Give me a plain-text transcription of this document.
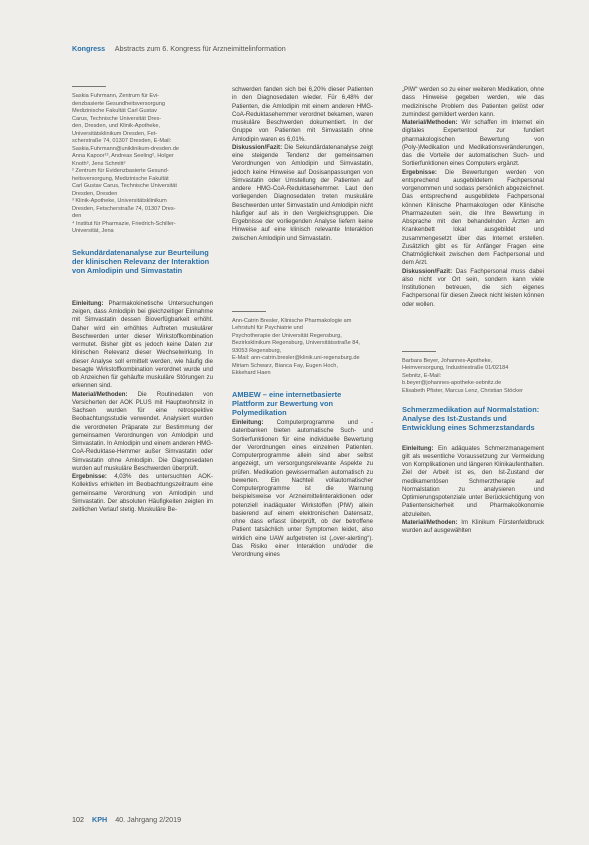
Kongress Abstracts zum 6. Kongress für Arzneimittelinformation
Saskia Fuhrmann, Zentrum für Evi-
denzbasierte Gesundheitsversorgung
Medizinische Fakultät Carl Gustav
Carus, Technische Universität Dres-
den, Dresden, und Klinik-Apotheke,
Universitätsklinikum Dresden, Fet-
scherstraße 74, 01307 Dresden, E-Mail:
Saskia.Fuhrmann@uniklinikum-dresden.de
Anna Kapoor¹³, Andreas Seeling², Holger
Knoth³, Jens Schmitt²
² Zentrum für Evidenzbasierte Gesund-
heitsversorgung, Medizinische Fakultät
Carl Gustav Carus, Technische Universität
Dresden, Dresden
³ Klinik-Apotheke, Universitätsklinikum
Dresden, Fetscherstraße 74, 01307 Dres-
den
⁴ Institut für Pharmazie, Friedrich-Schiller-
Universität, Jena
Sekundärdatenanalyse zur Beurteilung der klinischen Relevanz der Interaktion von Amlodipin und Simvastatin

Einleitung: Pharmakokinetische Untersuchungen zeigen, dass Amlodipin bei gleichzeitiger Einnahme mit Simvastatin dessen Bioverfügbarkeit erhöht. Daher wird ein erhöhtes Auftreten muskulärer Beschwerden unter dieser Wirkstoffkombination vermutet. Bisher gibt es jedoch keine Daten zur klinischen Relevanz dieser Wechselwirkung. In dieser Analyse soll ermittelt werden, wie häufig die besagte Wirkstoffkombination verordnet wurde und ob Anzeichen für gehäufte muskuläre Störungen zu erkennen sind.

Material/Methoden: Die Routinedaten von Versicherten der AOK PLUS mit Hauptwohnsitz in Sachsen wurden für eine retrospektive Beobachtungsstudie verwendet. Analysiert wurden die verordneten Präparate zur Bestimmung der gemeinsamen Verordnungen von Amlodipin und Simvastatin. In Amlodipin und einem anderen HMG-CoA-Reduktase-Hemmer außer Simvastatin oder Simvastatin ohne Amlodipin. Die Diagnosedaten wurden auf muskuläre Beschwerden überprüft.

Ergebnisse: 4,03% des untersuchten AOK-Kollektivs erhielten im Beobachtungszeitraum eine gemeinsame Verordnung von Amlodipin und Simvastatin. Der absoluten Häufigkeiten zeigten im zeitlichen Verlauf stetig. Muskuläre Be-

schwerden fanden sich bei 6,20% dieser Patienten in den Diagnosedaten wieder. Für 6,48% der Patienten, die Amlodipin mit einem anderen HMG-CoA-Reduktasehemmer verordnet bekamen, waren muskuläre Beschwerden dokumentiert. In der Gruppe von Patienten mit Simvastatin ohne Amlodipin waren es 6,01%.

Diskussion/Fazit: Die Sekundärdatenanalyse zeigt eine steigende Tendenz der gemeinsamen Verordnungen von Amlodipin und Simvastatin, jedoch keine Hinweise auf Dosisanpassungen von Simvastatin oder Umstellung der Patienten auf andere HMG-CoA-Reduktasehemmer. Laut den vorliegenden Diagnosedaten treten muskuläre Beschwerden unter Simvastatin und Amlodipin nicht häufiger auf als in den Vergleichsgruppen. Die Ergebnisse der vorliegenden Analyse liefern keine Hinweise auf eine klinisch relevante Interaktion zwischen Amlodipin und Simvastatin.

Ann-Catrin Bresler, Klinische Pharmakologie am Lehrstuhl für Psychiatrie und
Psychotherapie der Universität Regensburg,
Bezirksklinikum Regensburg, Universitätsstraße 84, 93053 Regensburg,
E-Mail: ann-catrin.bresler@klinik.uni-regensburg.de
Miriam Schwarz, Bianca Fay, Eugen Hoch,
Ekkehard Haen
AMBEW – eine internetbasierte Plattform zur Bewertung von Polymedikation

Einleitung: Computerprogramme und -datenbanken bieten automatische Such- und Sortierfunktionen für eine individuelle Bewertung der Verordnungen eines einzelnen Patienten. Computerprogramme allein sind aber selbst angezeigt, um versorgungsrelevante Aspekte zu prüfen. Medikation gewissermaßen automatisch zu bewerten. Ein Nachteil vollautomatischer Computerprogramme ist die Warnung beispielsweise vor Arzneimittelinteraktionen oder potenziell inadäquater Wirkstoffen (PIW) allein basierend auf einem elektronischen Datensatz, ohne dass erfasst überprüft, ob der betroffene Patient tatsächlich unter Symptomen leidet, also wirklich eine UAW aufgetreten ist („over-alerting“). Das Risiko einer Interaktion und/oder die Verordnung eines

„PIW“ werden so zu einer weiteren Medikation, ohne dass Hinweise gegeben werden, wie das medizinische Problem des Patienten gelöst oder zumindest gemildert werden kann.

Material/Methoden: Wir schaffen im Internet ein digitales Expertentool zur fundiert pharmakologischen Bewertung von (Poly-)Medikation und Medikationsveränderungen, das die Vorteile der automatischen Such- und Sortierfunktionen eines Computers ergänzt.

Ergebnisse: Die Bewertungen werden von entsprechend ausgebildetem Fachpersonal vorgenommen und sodass persönlich abgezeichnet. Das entsprechend ausgebildete Fachpersonal können Klinische Pharmakologen oder Klinische Pharmazeuten sein, die Ihre Bewertung in Absprache mit den behandelnden Ärzten am Krankenbett lokal ausgebildet und zusammengesetzt über das Internet erstellen. Zusätzlich gibt es für Anfänger Fragen eine Chatmöglichkeit zwischen dem Fachpersonal und dem Arzt.

Diskussion/Fazit: Das Fachpersonal muss dabei also nicht vor Ort sein, sondern kann viele Institutionen betreuen, die sich eigenes Fachpersonal für diesen Zweck nicht leisten können oder wollen.

Barbara Beyer, Johannes-Apotheke,
Heimversorgung, Industriestraße 01/02184
Sebnitz, E-Mail:
b.beyer@johannes-apotheke-sebnitz.de
Elisabeth Pfister, Marcus Lenz, Christian Stöcker
Schmerzmedikation auf Normalstation: Analyse des Ist-Zustands und Entwicklung eines Schmerzstandards

Einleitung: Ein adäquates Schmerzmanagement gilt als wesentliche Voraussetzung zur Vermeidung von Komplikationen und längeren Klinikaufenthalten. Ziel der Arbeit ist es, den Ist-Zustand der medikamentösen Schmerztherapie auf Normalstation zu analysieren und Optimierungspotenziale unter Berücksichtigung von Patientensicherheit und Pharmakoökonomie abzuleiten.

Material/Methoden: Im Klinikum Fürstenfeldbruck wurden auf ausgewählten

102 KPH 40. Jahrgang 2/2019
